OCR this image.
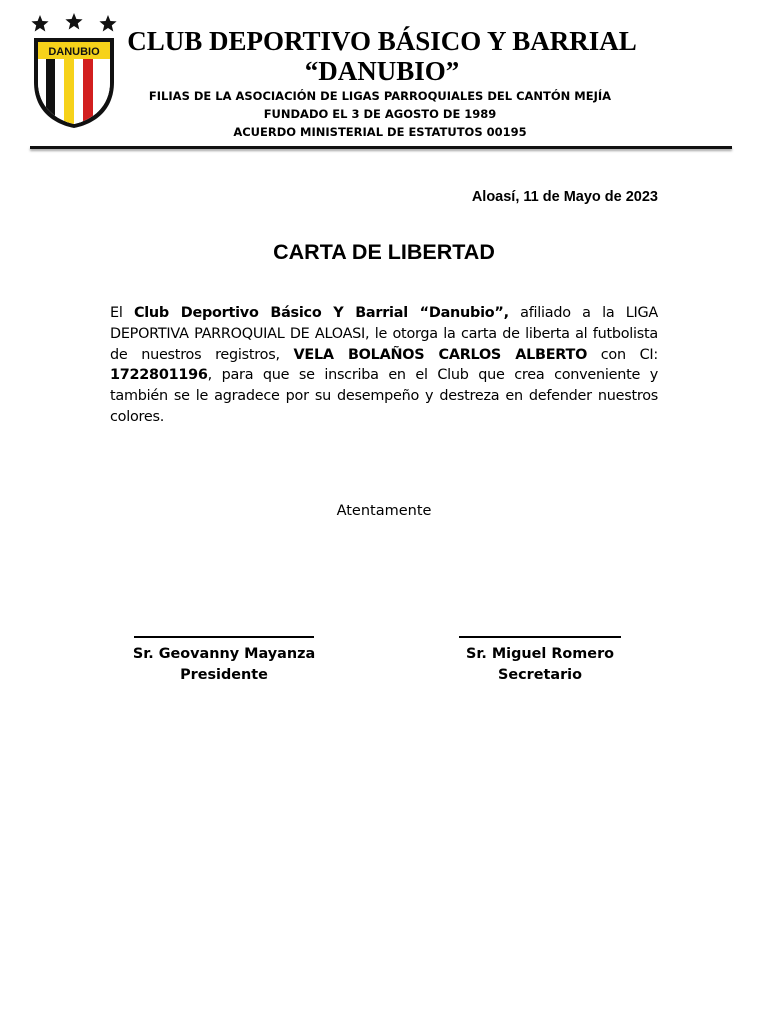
DANUBIO	CLUB DEPORTIVO BÁSICO Y BARRIAL
“DANUBIO”
FILIAS DE LA ASOCIACIÓN DE LIGAS PARROQUIALES DEL CANTÓN MEJÍA
FUNDADO EL 3 DE AGOSTO DE 1989
ACUERDO MINISTERIAL DE ESTATUTOS 00195
Aloasí, 11 de Mayo de 2023
CARTA DE LIBERTAD
El Club Deportivo Básico Y Barrial “Danubio”, afiliado a la LIGA DEPORTIVA PARROQUIAL DE ALOASI, le otorga la carta de liberta al futbolista de nuestros registros, VELA BOLAÑOS CARLOS ALBERTO con CI: 1722801196, para que se inscriba en el Club que crea conveniente y también se le agradece por su desempeño y destreza en defender nuestros colores.
Atentamente
Sr. Geovanny Mayanza
Presidente
Sr. Miguel Romero
Secretario
